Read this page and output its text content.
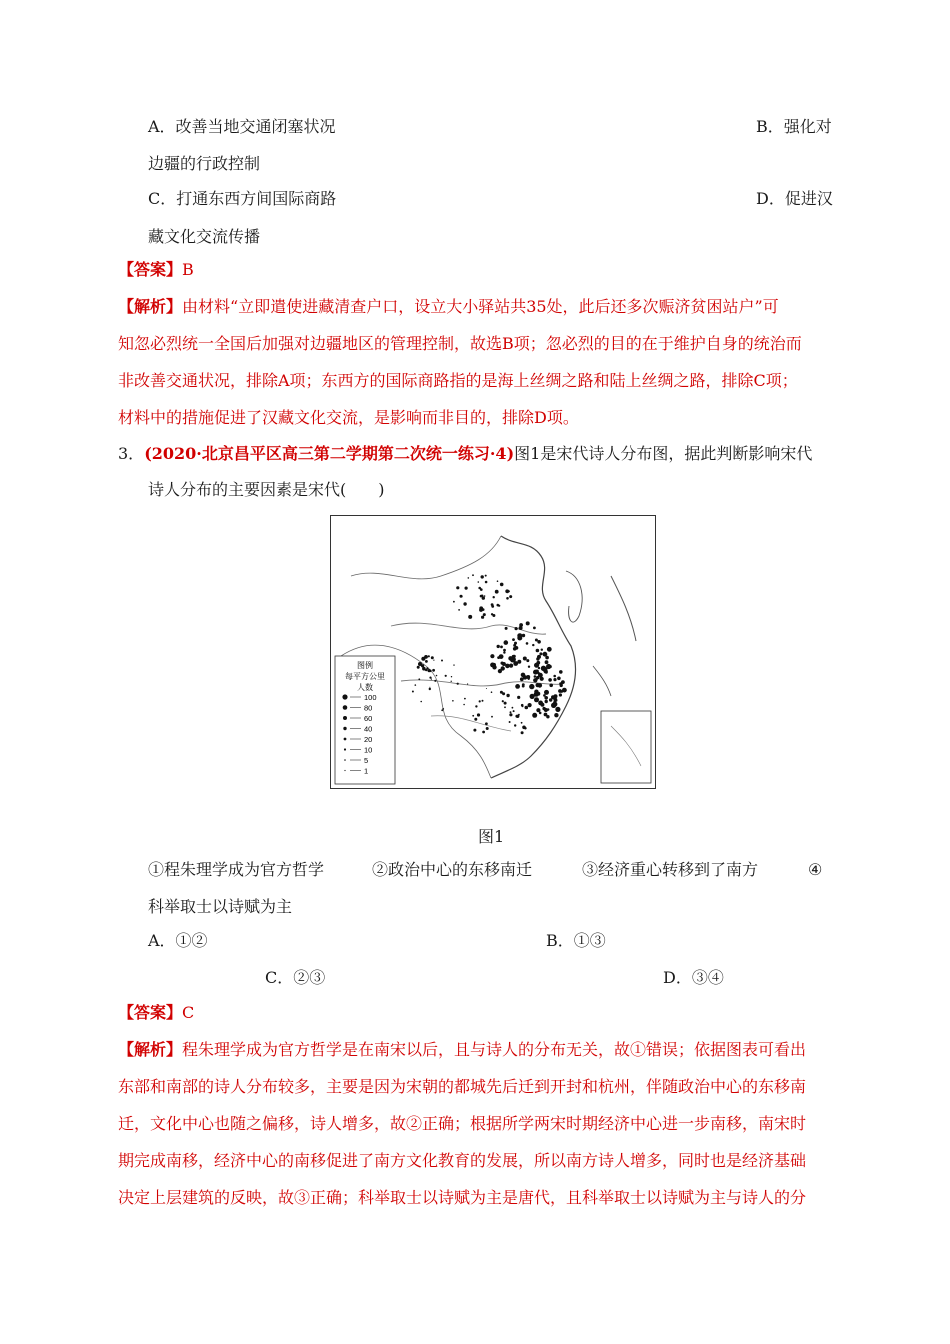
A．改善当地交通闭塞状况	B．强化对
边疆的行政控制
C．打通东西方间国际商路	D．促进汉
藏文化交流传播
【答案】B
【解析】由材料“立即遣使进藏清查户口，设立大小驿站共35处，此后还多次赈济贫困站户”可
知忽必烈统一全国后加强对边疆地区的管理控制，故选B项；忽必烈的目的在于维护自身的统治而
非改善交通状况，排除A项；东西方的国际商路指的是海上丝绸之路和陆上丝绸之路，排除C项；
材料中的措施促进了汉藏文化交流，是影响而非目的，排除D项。
3．(2020·北京昌平区高三第二学期第二次统一练习·4)图1是宋代诗人分布图，据此判断影响宋代
诗人分布的主要因素是宋代(　　)
图例
每平方公里
人数
100
80
60
40
20
10
5
1
图1
①程朱理学成为官方哲学	②政治中心的东移南迁	③经济重心转移到了南方	④
科举取士以诗赋为主
A．①②	B．①③
C．②③	D．③④
【答案】C
【解析】程朱理学成为官方哲学是在南宋以后，且与诗人的分布无关，故①错误；依据图表可看出
东部和南部的诗人分布较多，主要是因为宋朝的都城先后迁到开封和杭州，伴随政治中心的东移南
迁，文化中心也随之偏移，诗人增多，故②正确；根据所学两宋时期经济中心进一步南移，南宋时
期完成南移，经济中心的南移促进了南方文化教育的发展，所以南方诗人增多，同时也是经济基础
决定上层建筑的反映，故③正确；科举取士以诗赋为主是唐代，且科举取士以诗赋为主与诗人的分
